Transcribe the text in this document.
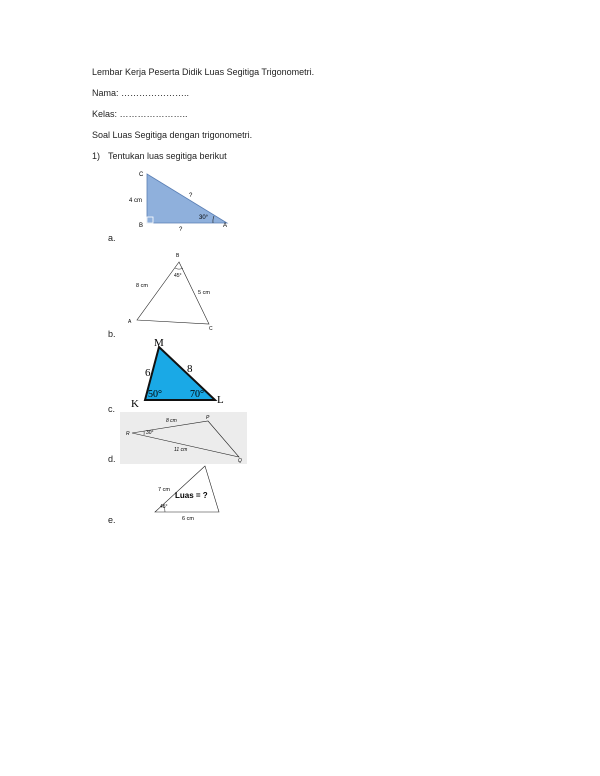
Lembar Kerja Peserta Didik Luas Segitiga Trigonometri.
Nama: …………………..
Kelas: …………………..
Soal Luas Segitiga dengan trigonometri.
1) Tentukan luas segitiga berikut
a.
C
B	A
4 cm
?
?
30°
b.
B
A
C
8 cm
5 cm
45°
c.
M
K	L
6	8
50°	70°
d.
R
P
Q
8 cm
11 cm
30°
e.
7 cm
6 cm
45°
Luas = ?
